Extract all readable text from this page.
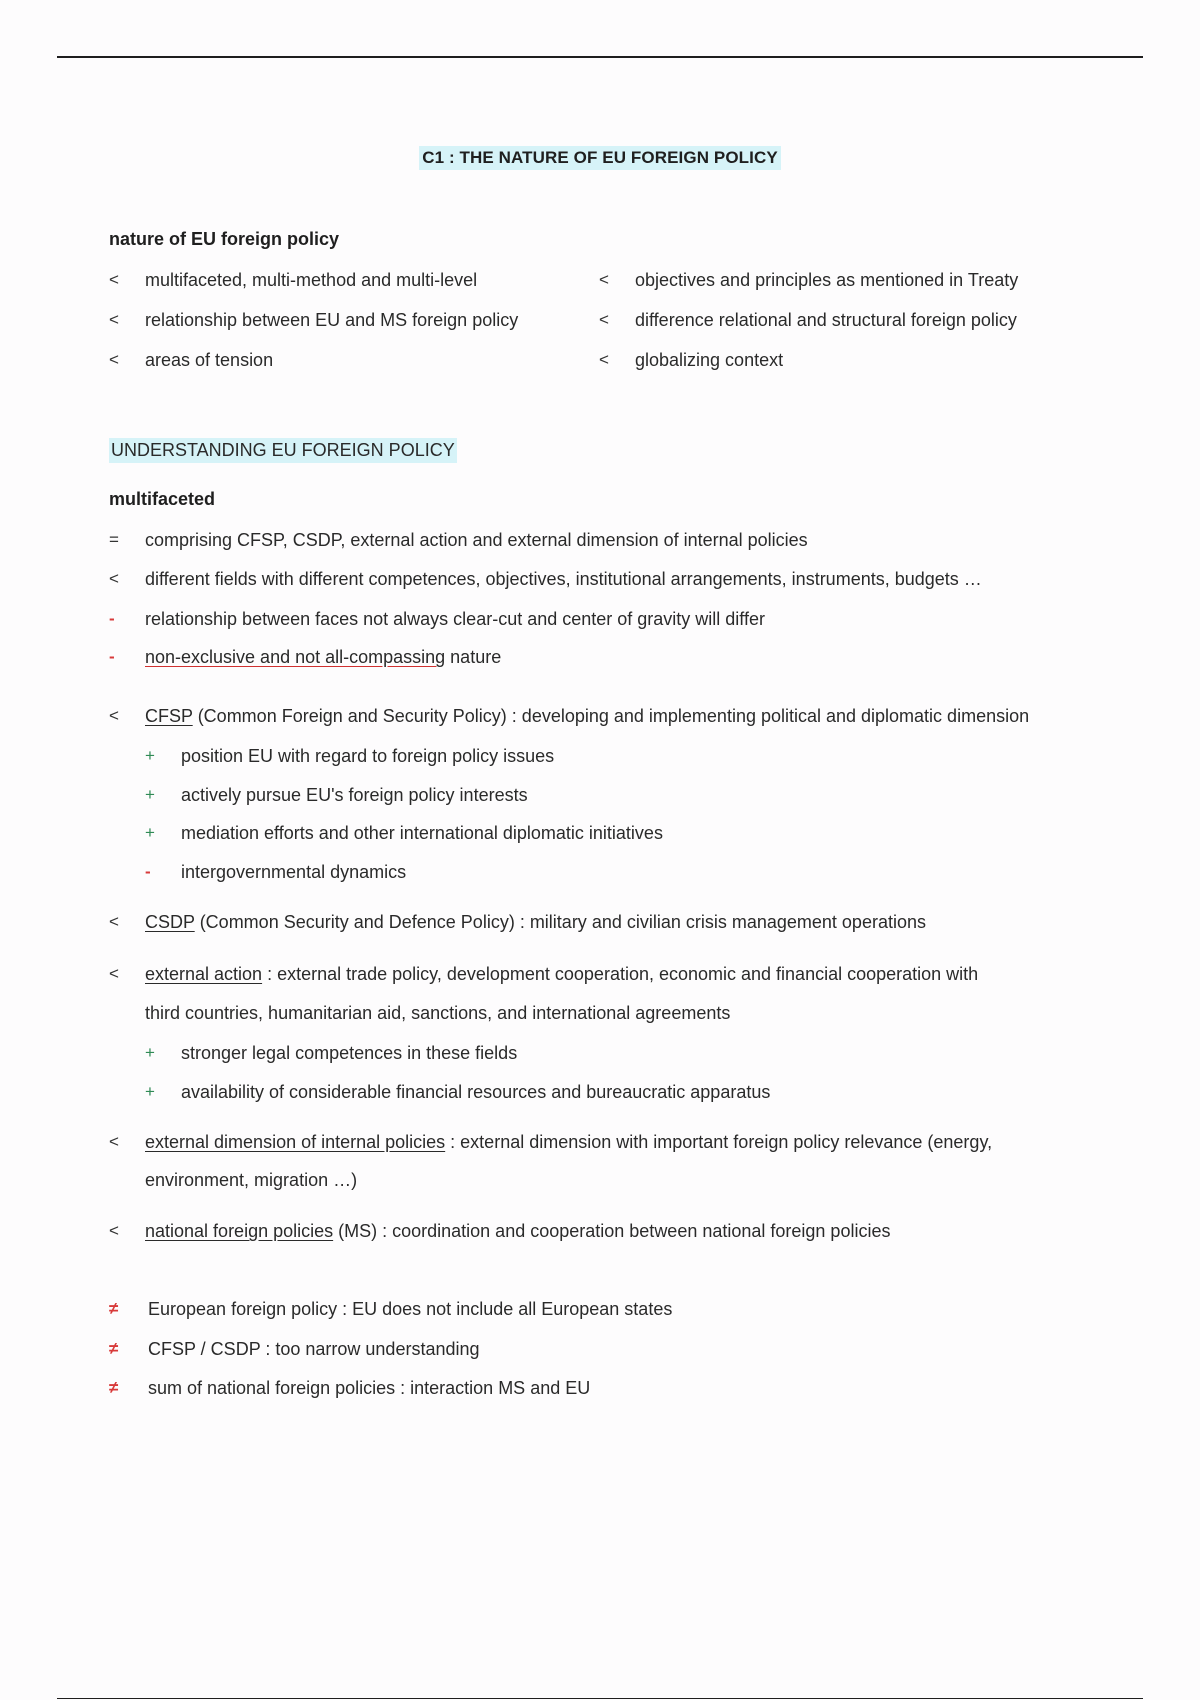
C1 : THE NATURE OF EU FOREIGN POLICY
nature of EU foreign policy
<	multifaceted, multi-method and multi-level
<	relationship between EU and MS foreign policy
<	areas of tension
<	objectives and principles as mentioned in Treaty
<	difference relational and structural foreign policy
<	globalizing context
UNDERSTANDING EU FOREIGN POLICY
multifaceted
=	comprising CFSP, CSDP, external action and external dimension of internal policies
<	different fields with different competences, objectives, institutional arrangements, instruments, budgets …
-	relationship between faces not always clear-cut and center of gravity will differ
-	non-exclusive and not all-compassing nature
<	CFSP (Common Foreign and Security Policy) : developing and implementing political and diplomatic dimension
+	position EU with regard to foreign policy issues
+	actively pursue EU's foreign policy interests
+	mediation efforts and other international diplomatic initiatives
-	intergovernmental dynamics
<	CSDP (Common Security and Defence Policy) : military and civilian crisis management operations
<	external action : external trade policy, development cooperation, economic and financial cooperation with
third countries, humanitarian aid, sanctions, and international agreements
+	stronger legal competences in these fields
+	availability of considerable financial resources and bureaucratic apparatus
<	external dimension of internal policies : external dimension with important foreign policy relevance (energy,
environment, migration …)
<	national foreign policies (MS) : coordination and cooperation between national foreign policies
≠	European foreign policy : EU does not include all European states
≠	CFSP / CSDP : too narrow understanding
≠	sum of national foreign policies : interaction MS and EU
